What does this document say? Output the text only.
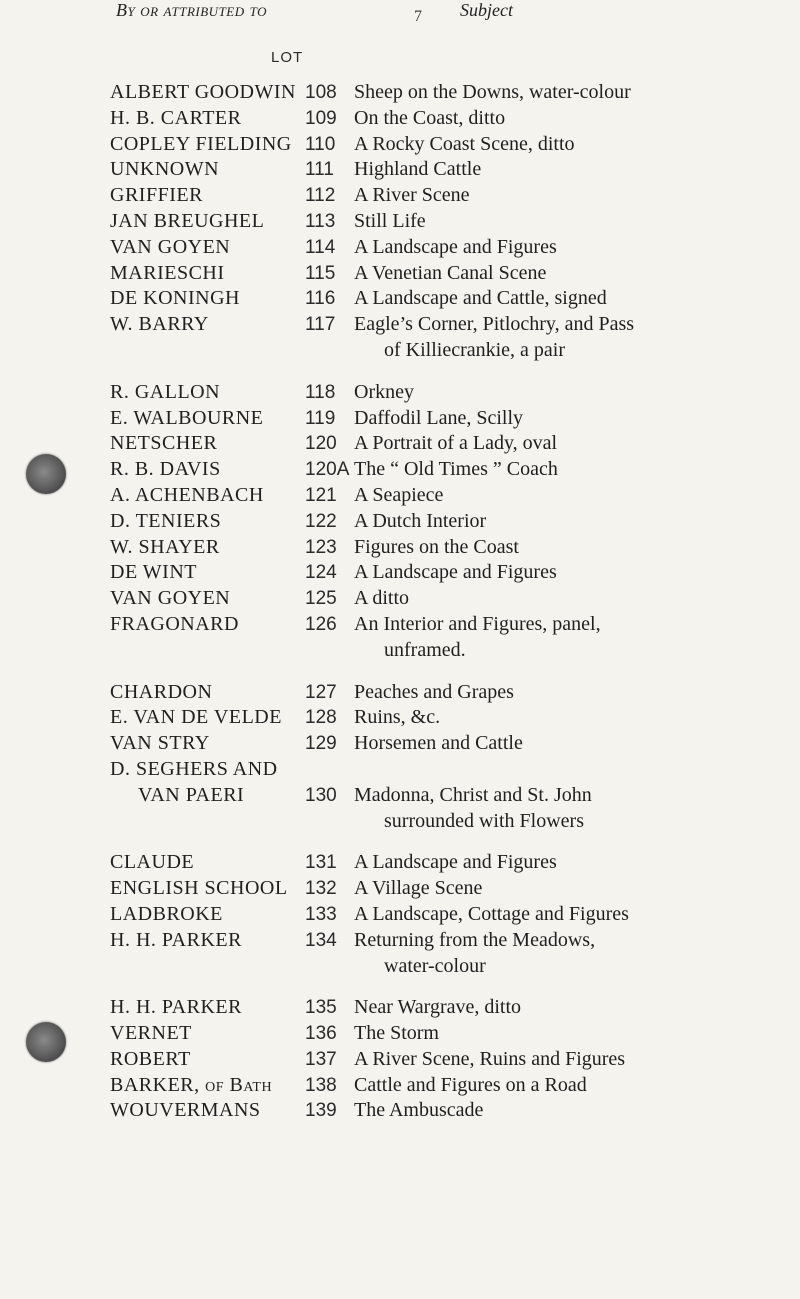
7
By or attributed to
LOT
Subject
ALBERT GOODWIN 108 Sheep on the Downs, water-colour
H. B. CARTER	109 On the Coast, ditto
COPLEY FIELDING 110 A Rocky Coast Scene, ditto
UNKNOWN	111	Highland Cattle
GRIFFIER	112 A River Scene
JAN BREUGHEL	113 Still Life
VAN GOYEN	114 A Landscape and Figures
MARIESCHI	115 A Venetian Canal Scene
DE KONINGH	116 A Landscape and Cattle, signed
W. BARRY	117 Eagle’s Corner, Pitlochry, and Pass
of Killiecrankie, a pair
R. GALLON	118 Orkney
E. WALBOURNE	119 Daffodil Lane, Scilly
NETSCHER	120 A Portrait of a Lady, oval
R. B. DAVIS	120A The “ Old Times ” Coach
A. ACHENBACH	121 A Seapiece
D. TENIERS	122 A Dutch Interior
W. SHAYER	123 Figures on the Coast
DE WINT	124 A Landscape and Figures
VAN GOYEN	125 A ditto
FRAGONARD	126 An Interior and Figures, panel,
unframed.
CHARDON	127 Peaches and Grapes
E. VAN DE VELDE 128 Ruins, &c.
VAN STRY	129 Horsemen and Cattle
D. SEGHERS AND
VAN PAERI	130 Madonna, Christ and St. John
surrounded with Flowers
CLAUDE	131 A Landscape and Figures
ENGLISH SCHOOL 132 A Village Scene
LADBROKE	133 A Landscape, Cottage and Figures
H. H. PARKER	134 Returning from the Meadows,
water-colour
H. H. PARKER	135 Near Wargrave, ditto
VERNET	136 The Storm
ROBERT	137 A River Scene, Ruins and Figures
BARKER, of Bath	138 Cattle and Figures on a Road
WOUVERMANS	139 The Ambuscade
